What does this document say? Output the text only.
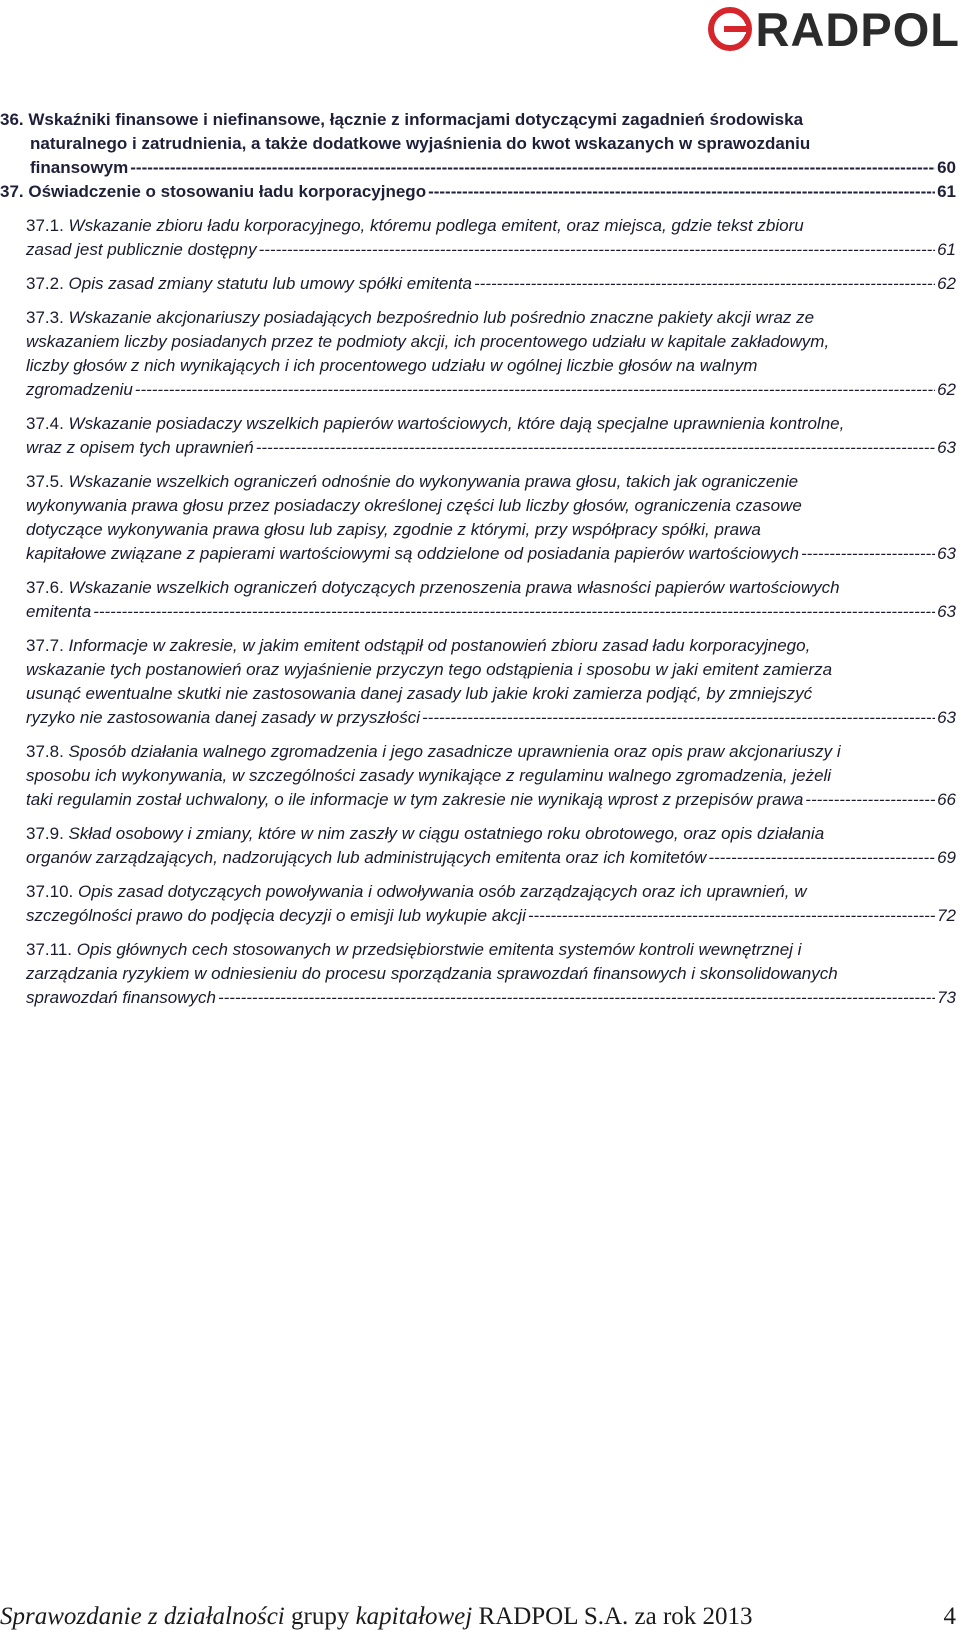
RADPOL
36. Wskaźniki finansowe i niefinansowe, łącznie z informacjami dotyczącymi zagadnień środowiska
naturalnego i zatrudnienia, a także dodatkowe wyjaśnienia do kwot wskazanych w sprawozdaniu
finansowym -----	60
37. Oświadczenie o stosowaniu ładu korporacyjnego -----	61
37.1. Wskazanie zbioru ładu korporacyjnego, któremu podlega emitent, oraz miejsca, gdzie tekst zbioru
zasad jest publicznie dostępny -----	61
37.2. Opis zasad zmiany statutu lub umowy spółki emitenta -----	62
37.3. Wskazanie akcjonariuszy posiadających bezpośrednio lub pośrednio znaczne pakiety akcji wraz ze
wskazaniem liczby posiadanych przez te podmioty akcji, ich procentowego udziału w kapitale zakładowym,
liczby głosów z nich wynikających i ich procentowego udziału w ogólnej liczbie głosów na walnym
zgromadzeniu -----	62
37.4. Wskazanie posiadaczy wszelkich papierów wartościowych, które dają specjalne uprawnienia kontrolne,
wraz z opisem tych uprawnień -----	63
37.5. Wskazanie wszelkich ograniczeń odnośnie do wykonywania prawa głosu, takich jak ograniczenie
wykonywania prawa głosu przez posiadaczy określonej części lub liczby głosów, ograniczenia czasowe
dotyczące wykonywania prawa głosu lub zapisy, zgodnie z którymi, przy współpracy spółki, prawa
kapitałowe związane z papierami wartościowymi są oddzielone od posiadania papierów wartościowych -----	63
37.6. Wskazanie wszelkich ograniczeń dotyczących przenoszenia prawa własności papierów wartościowych
emitenta -----	63
37.7. Informacje w zakresie, w jakim emitent odstąpił od postanowień zbioru zasad ładu korporacyjnego,
wskazanie tych postanowień oraz wyjaśnienie przyczyn tego odstąpienia i sposobu w jaki emitent zamierza
usunąć ewentualne skutki nie zastosowania danej zasady lub jakie kroki zamierza podjąć, by zmniejszyć
ryzyko nie zastosowania danej zasady w przyszłości -----	63
37.8. Sposób działania walnego zgromadzenia i jego zasadnicze uprawnienia oraz opis praw akcjonariuszy i
sposobu ich wykonywania, w szczególności zasady wynikające z regulaminu walnego zgromadzenia, jeżeli
taki regulamin został uchwalony, o ile informacje w tym zakresie nie wynikają wprost z przepisów prawa -----	66
37.9. Skład osobowy i zmiany, które w nim zaszły w ciągu ostatniego roku obrotowego, oraz opis działania
organów zarządzających, nadzorujących lub administrujących emitenta oraz ich komitetów -----	69
37.10. Opis zasad dotyczących powoływania i odwoływania osób zarządzających oraz ich uprawnień, w
szczególności prawo do podjęcia decyzji o emisji lub wykupie akcji -----	72
37.11. Opis głównych cech stosowanych w przedsiębiorstwie emitenta systemów kontroli wewnętrznej i
zarządzania ryzykiem w odniesieniu do procesu sporządzania sprawozdań finansowych i skonsolidowanych
sprawozdań finansowych -----	73
Sprawozdanie z działalności grupy kapitałowej RADPOL S.A. za rok 2013	4
